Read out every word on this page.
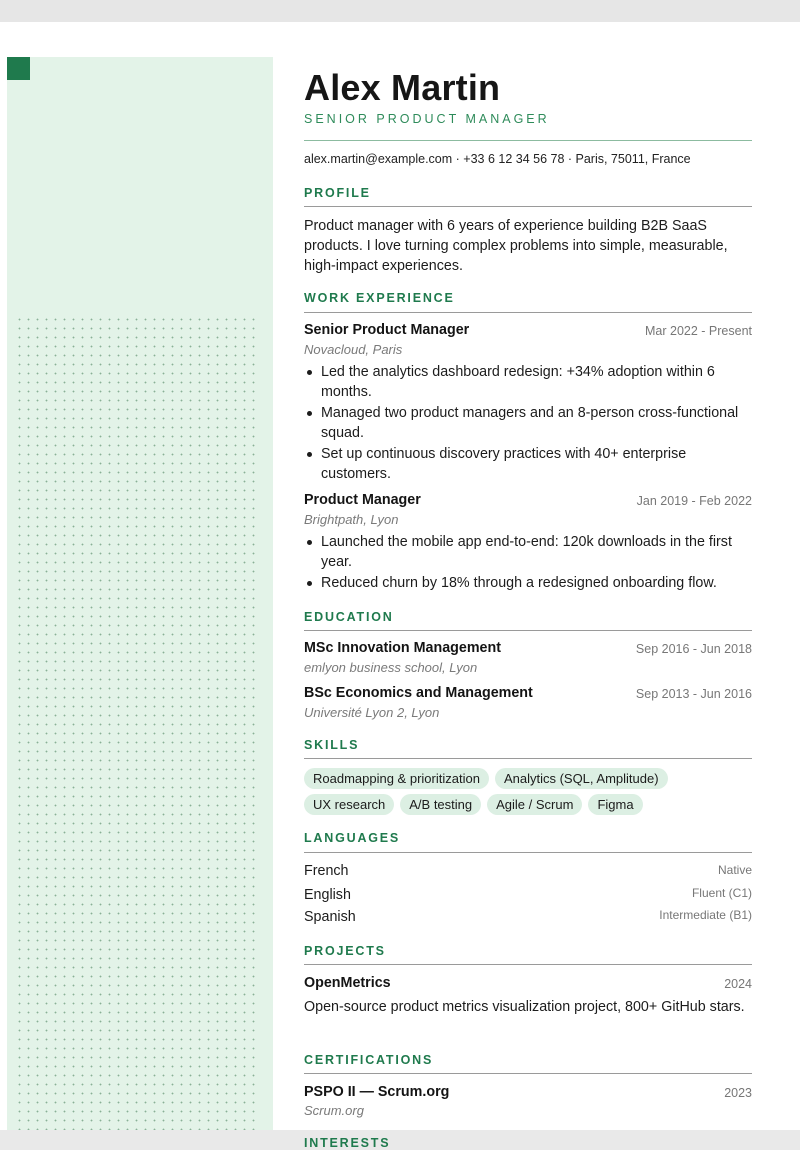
Alex Martin
SENIOR PRODUCT MANAGER
alex.martin@example.com · +33 6 12 34 56 78 · Paris, 75011, France
PROFILE
Product manager with 6 years of experience building B2B SaaS products. I love turning complex problems into simple, measurable, high-impact experiences.
WORK EXPERIENCE
Senior Product Manager	Mar 2022 - Present
Novacloud, Paris
Led the analytics dashboard redesign: +34% adoption within 6 months.
Managed two product managers and an 8-person cross-functional squad.
Set up continuous discovery practices with 40+ enterprise customers.
Product Manager	Jan 2019 - Feb 2022
Brightpath, Lyon
Launched the mobile app end-to-end: 120k downloads in the first year.
Reduced churn by 18% through a redesigned onboarding flow.
EDUCATION
MSc Innovation Management	Sep 2016 - Jun 2018
emlyon business school, Lyon
BSc Economics and Management	Sep 2013 - Jun 2016
Université Lyon 2, Lyon
SKILLS
Roadmapping & prioritization	Analytics (SQL, Amplitude)
UX research	A/B testing	Agile / Scrum	Figma
LANGUAGES
French	Native
English	Fluent (C1)
Spanish	Intermediate (B1)
PROJECTS
OpenMetrics	2024
Open-source product metrics visualization project, 800+ GitHub stars.
CERTIFICATIONS
PSPO II — Scrum.org	2023
Scrum.org
INTERESTS
